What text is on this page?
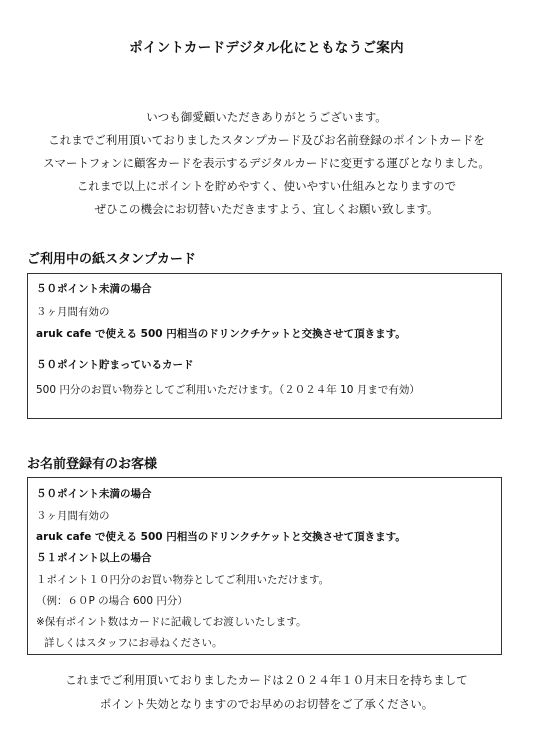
ポイントカードデジタル化にともなうご案内
いつも御愛顧いただきありがとうございます。
これまでご利用頂いておりましたスタンプカード及びお名前登録のポイントカードを
スマートフォンに顧客カードを表示するデジタルカードに変更する運びとなりました。
これまで以上にポイントを貯めやすく、使いやすい仕組みとなりますので
ぜひこの機会にお切替いただきますよう、宜しくお願い致します。
ご利用中の紙スタンプカード
５０ポイント未満の場合
３ヶ月間有効の
aruk cafe で使える 500 円相当のドリンクチケットと交換させて頂きます。
５０ポイント貯まっているカード
500 円分のお買い物券としてご利用いただけます。（２０２４年 10 月まで有効）
お名前登録有のお客様
５０ポイント未満の場合
３ヶ月間有効の
aruk cafe で使える 500 円相当のドリンクチケットと交換させて頂きます。
５１ポイント以上の場合
１ポイント１０円分のお買い物券としてご利用いただけます。
（例：６０P の場合 600 円分）
※保有ポイント数はカードに記載してお渡しいたします。
詳しくはスタッフにお尋ねください。
これまでご利用頂いておりましたカードは２０２４年１０月末日を持ちまして
ポイント失効となりますのでお早めのお切替をご了承ください。
